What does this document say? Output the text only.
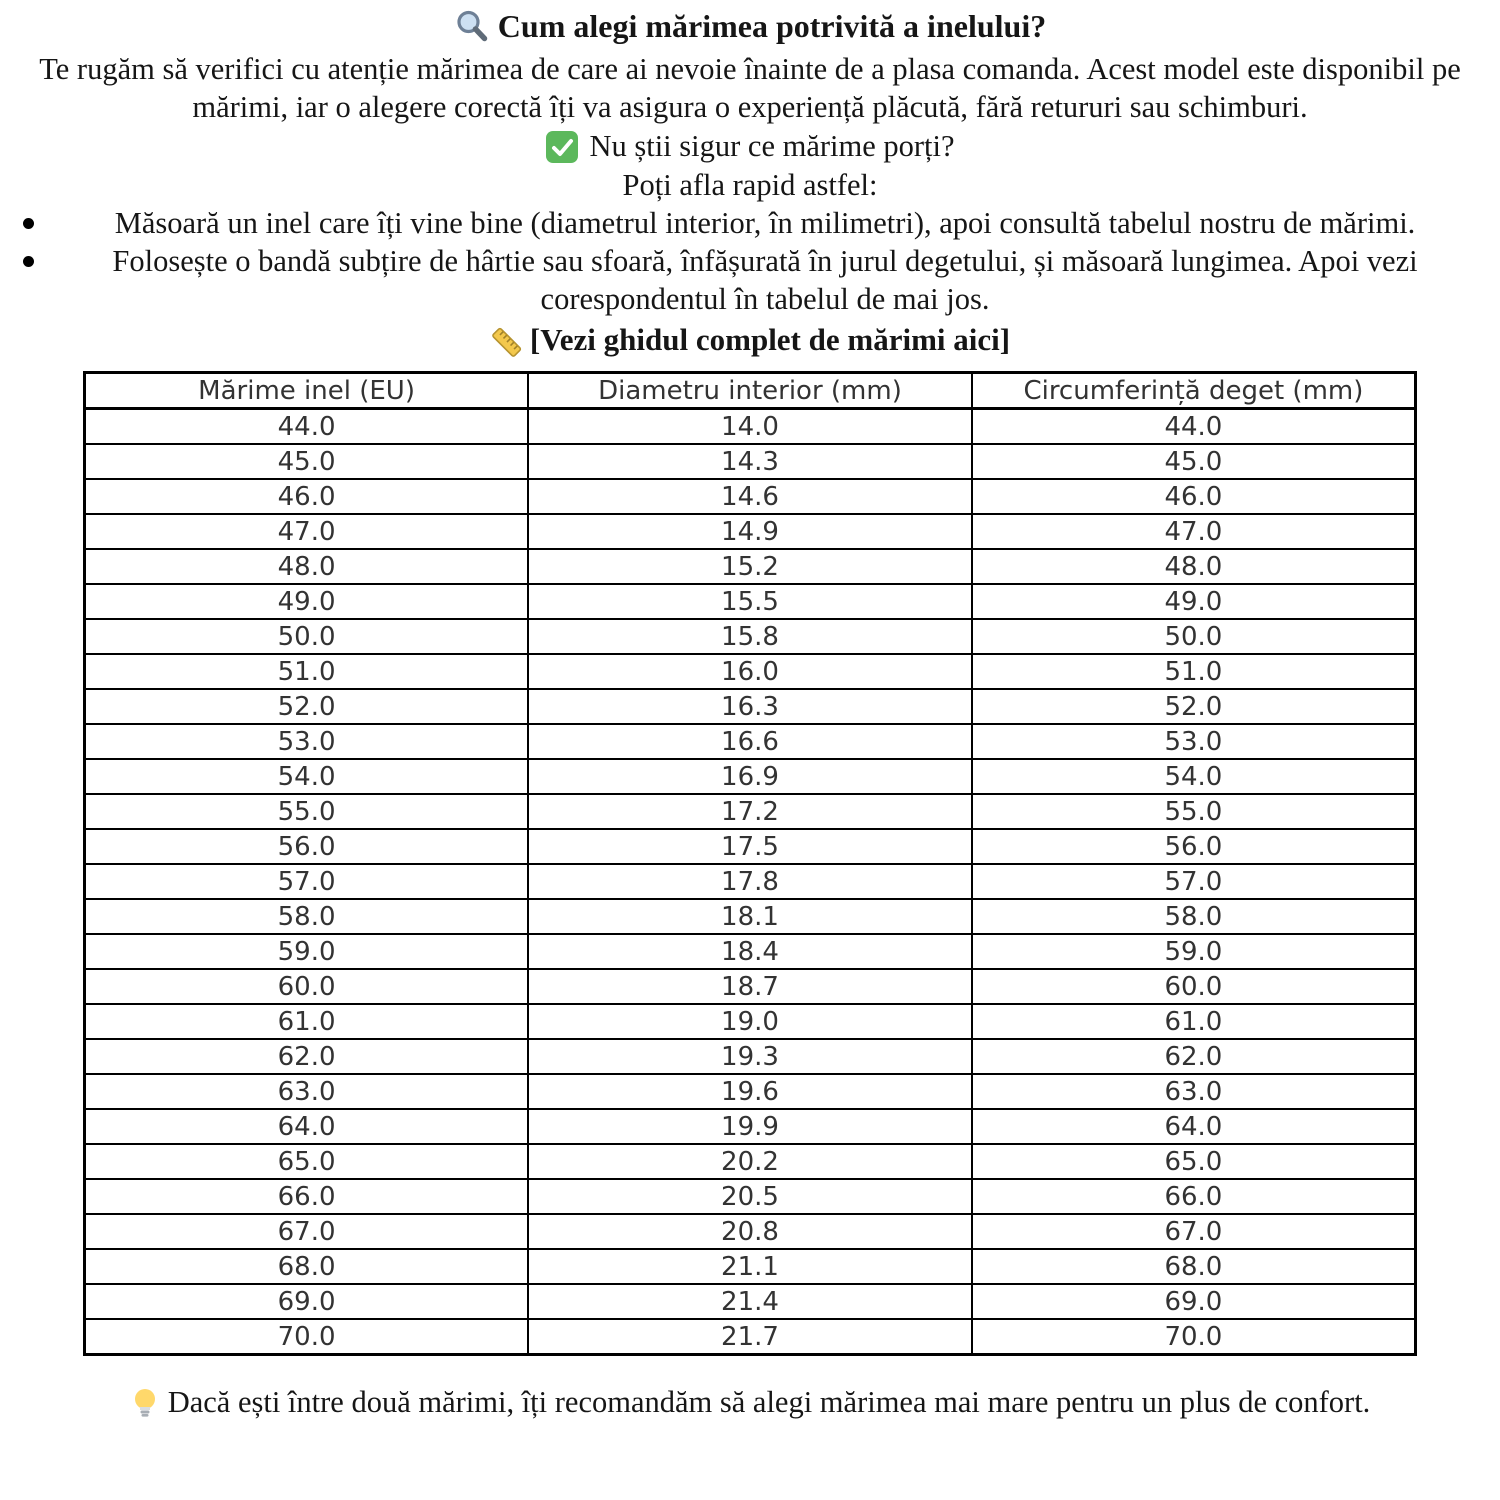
Cum alegi mărimea potrivită a inelului?

Te rugăm să verifici cu atenție mărimea de care ai nevoie înainte de a plasa comanda. Acest model este disponibil pe mărimi, iar o alegere corectă îți va asigura o experiență plăcută, fără retururi sau schimburi.

Nu știi sigur ce mărime porți?

Poți afla rapid astfel:

Măsoară un inel care îți vine bine (diametrul interior, în milimetri), apoi consultă tabelul nostru de mărimi.
Folosește o bandă subțire de hârtie sau sfoară, înfășurată în jurul degetului, și măsoară lungimea. Apoi vezi corespondentul în tabelul de mai jos.

[Vezi ghidul complet de mărimi aici]

Mărime inel (EU)	Diametru interior (mm)	Circumferință deget (mm)
44.0	14.0	44.0
45.0	14.3	45.0
46.0	14.6	46.0
47.0	14.9	47.0
48.0	15.2	48.0
49.0	15.5	49.0
50.0	15.8	50.0
51.0	16.0	51.0
52.0	16.3	52.0
53.0	16.6	53.0
54.0	16.9	54.0
55.0	17.2	55.0
56.0	17.5	56.0
57.0	17.8	57.0
58.0	18.1	58.0
59.0	18.4	59.0
60.0	18.7	60.0
61.0	19.0	61.0
62.0	19.3	62.0
63.0	19.6	63.0
64.0	19.9	64.0
65.0	20.2	65.0
66.0	20.5	66.0
67.0	20.8	67.0
68.0	21.1	68.0
69.0	21.4	69.0
70.0	21.7	70.0

Dacă ești între două mărimi, îți recomandăm să alegi mărimea mai mare pentru un plus de confort.
